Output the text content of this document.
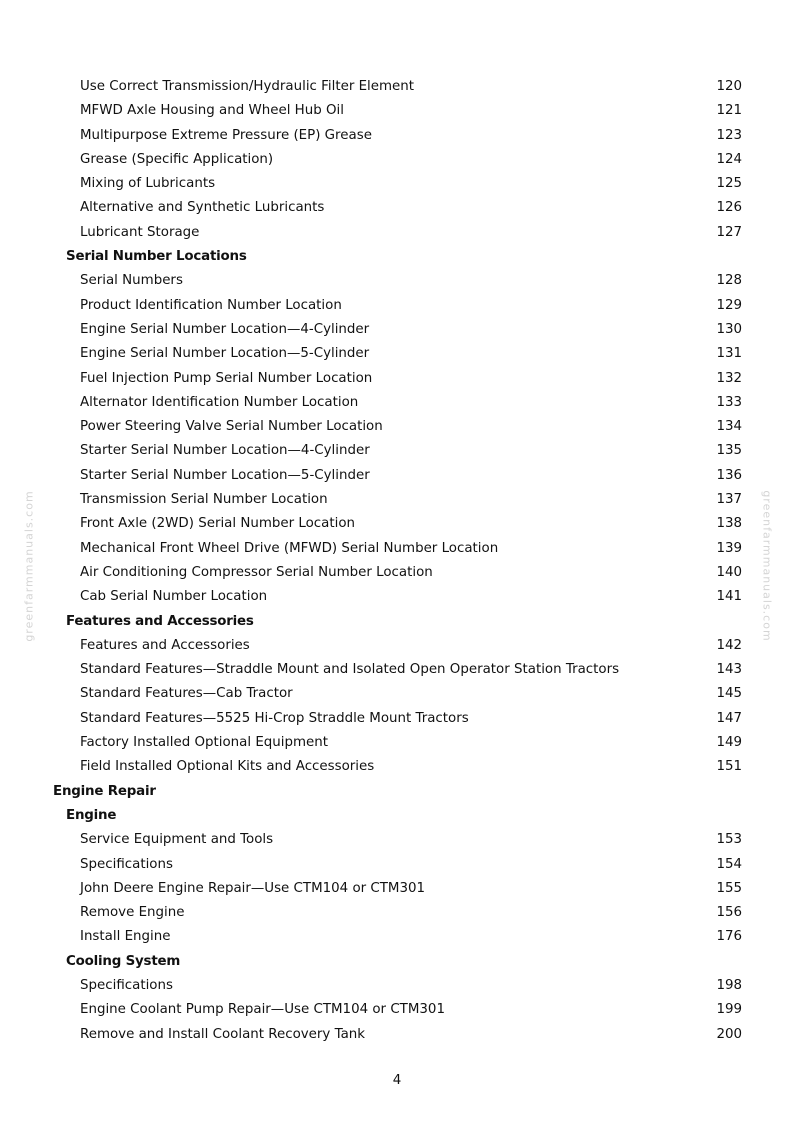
Use Correct Transmission/Hydraulic Filter Element	120
MFWD Axle Housing and Wheel Hub Oil	121
Multipurpose Extreme Pressure (EP) Grease	123
Grease (Specific Application)	124
Mixing of Lubricants	125
Alternative and Synthetic Lubricants	126
Lubricant Storage	127
Serial Number Locations
Serial Numbers	128
Product Identification Number Location	129
Engine Serial Number Location—4-Cylinder	130
Engine Serial Number Location—5-Cylinder	131
Fuel Injection Pump Serial Number Location	132
Alternator Identification Number Location	133
Power Steering Valve Serial Number Location	134
Starter Serial Number Location—4-Cylinder	135
Starter Serial Number Location—5-Cylinder	136
Transmission Serial Number Location	137
Front Axle (2WD) Serial Number Location	138
Mechanical Front Wheel Drive (MFWD) Serial Number Location	139
Air Conditioning Compressor Serial Number Location	140
Cab Serial Number Location	141
Features and Accessories
Features and Accessories	142
Standard Features—Straddle Mount and Isolated Open Operator Station Tractors	143
Standard Features—Cab Tractor	145
Standard Features—5525 Hi-Crop Straddle Mount Tractors	147
Factory Installed Optional Equipment	149
Field Installed Optional Kits and Accessories	151
Engine Repair
Engine
Service Equipment and Tools	153
Specifications	154
John Deere Engine Repair—Use CTM104 or CTM301	155
Remove Engine	156
Install Engine	176
Cooling System
Specifications	198
Engine Coolant Pump Repair—Use CTM104 or CTM301	199
Remove and Install Coolant Recovery Tank	200
greenfarmmanuals.com	greenfarmmanuals.com
4
